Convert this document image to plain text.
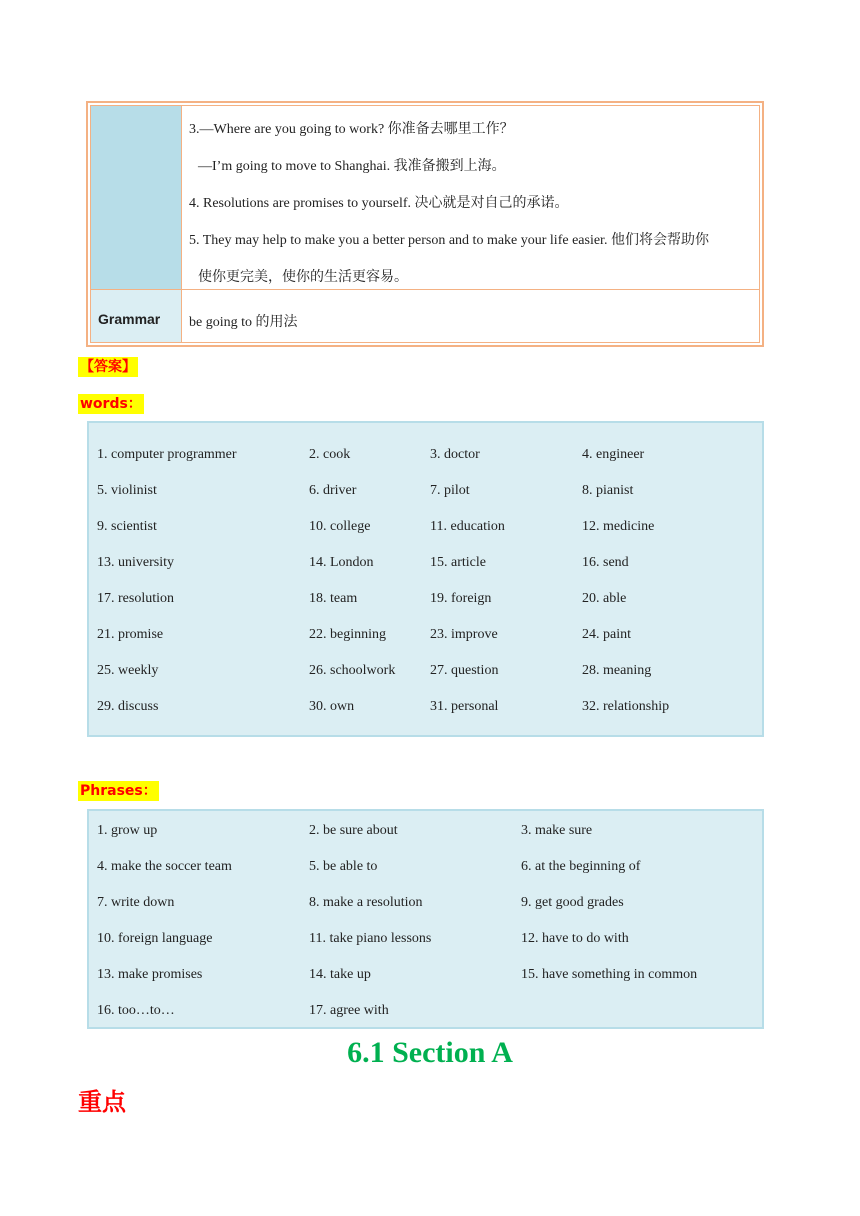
3.—Where are you going to work? 你准备去哪里工作？
—I’m going to move to Shanghai. 我准备搬到上海。
4. Resolutions are promises to yourself. 决心就是对自己的承诺。
5. They may help to make you a better person and to make your life easier. 他们将会帮助你
使你更完美，使你的生活更容易。
Grammar be going to 的用法
【答案】
words：
1. computer programmer	2. cook	3. doctor	4. engineer
5. violinist	6. driver	7. pilot	8. pianist
9. scientist	10. college	11. education	12. medicine
13. university	14. London	15. article	16. send
17. resolution	18. team	19. foreign	20. able
21. promise	22. beginning	23. improve	24. paint
25. weekly	26. schoolwork 27. question	28. meaning
29. discuss	30. own	31. personal	32. relationship
Phrases：
1. grow up	2. be sure about	3. make sure
4. make the soccer team	5. be able to	6. at the beginning of
7. write down	8. make a resolution	9. get good grades
10. foreign language	11. take piano lessons	12. have to do with
13. make promises	14. take up	15. have something in common
16. too…to…	17. agree with
6.1 Section A
重点
